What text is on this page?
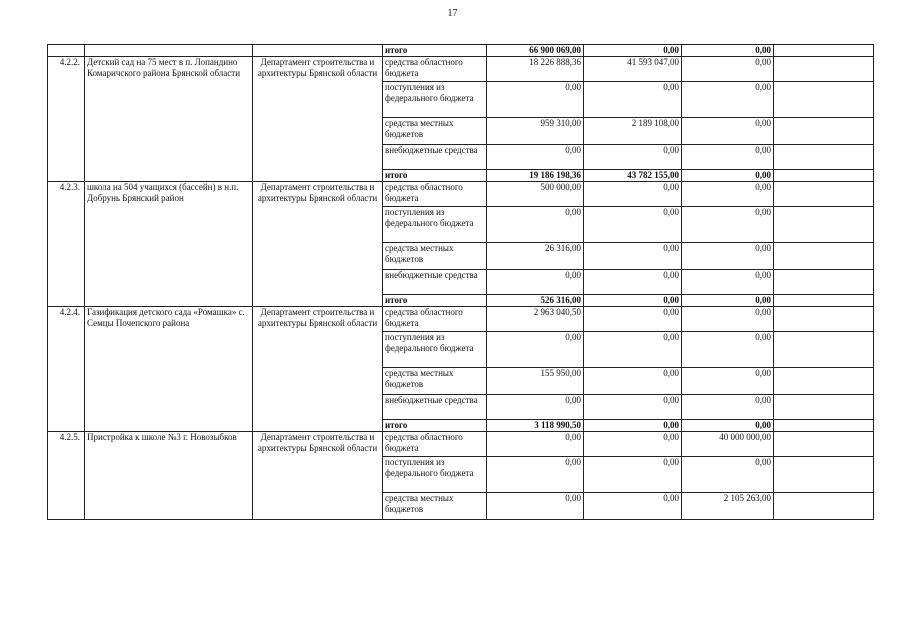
17
			итого	66 900 069,00	0,00	0,00	
4.2.2.	Детский сад на 75 мест в п. Лопандино Комаричского района Брянской области	Департамент строительства и архитектуры Брянской области	средства областного бюджета	18 226 888,36	41 593 047,00	0,00	
			поступления из федерального бюджета	0,00	0,00	0,00	
			средства местных бюджетов	959 310,00	2 189 108,00	0,00	
			внебюджетные средства	0,00	0,00	0,00	
			итого	19 186 198,36	43 782 155,00	0,00	
4.2.3.	школа на 504 учащихся (бассейн) в н.п. Добрунь Брянский район	Департамент строительства и архитектуры Брянской области	средства областного бюджета	500 000,00	0,00	0,00	
			поступления из федерального бюджета	0,00	0,00	0,00	
			средства местных бюджетов	26 316,00	0,00	0,00	
			внебюджетные средства	0,00	0,00	0,00	
			итого	526 316,00	0,00	0,00	
4.2.4.	Газификация детского сада «Ромашка» с. Семцы Почепского района	Департамент строительства и архитектуры Брянской области	средства областного бюджета	2 963 040,50	0,00	0,00	
			поступления из федерального бюджета	0,00	0,00	0,00	
			средства местных бюджетов	155 950,00	0,00	0,00	
			внебюджетные средства	0,00	0,00	0,00	
			итого	3 118 990,50	0,00	0,00	
4.2.5.	Пристройка к школе №3 г. Новозыбков	Департамент строительства и архитектуры Брянской области	средства областного бюджета	0,00	0,00	40 000 000,00	
			поступления из федерального бюджета	0,00	0,00	0,00	
			средства местных бюджетов	0,00	0,00	2 105 263,00	
